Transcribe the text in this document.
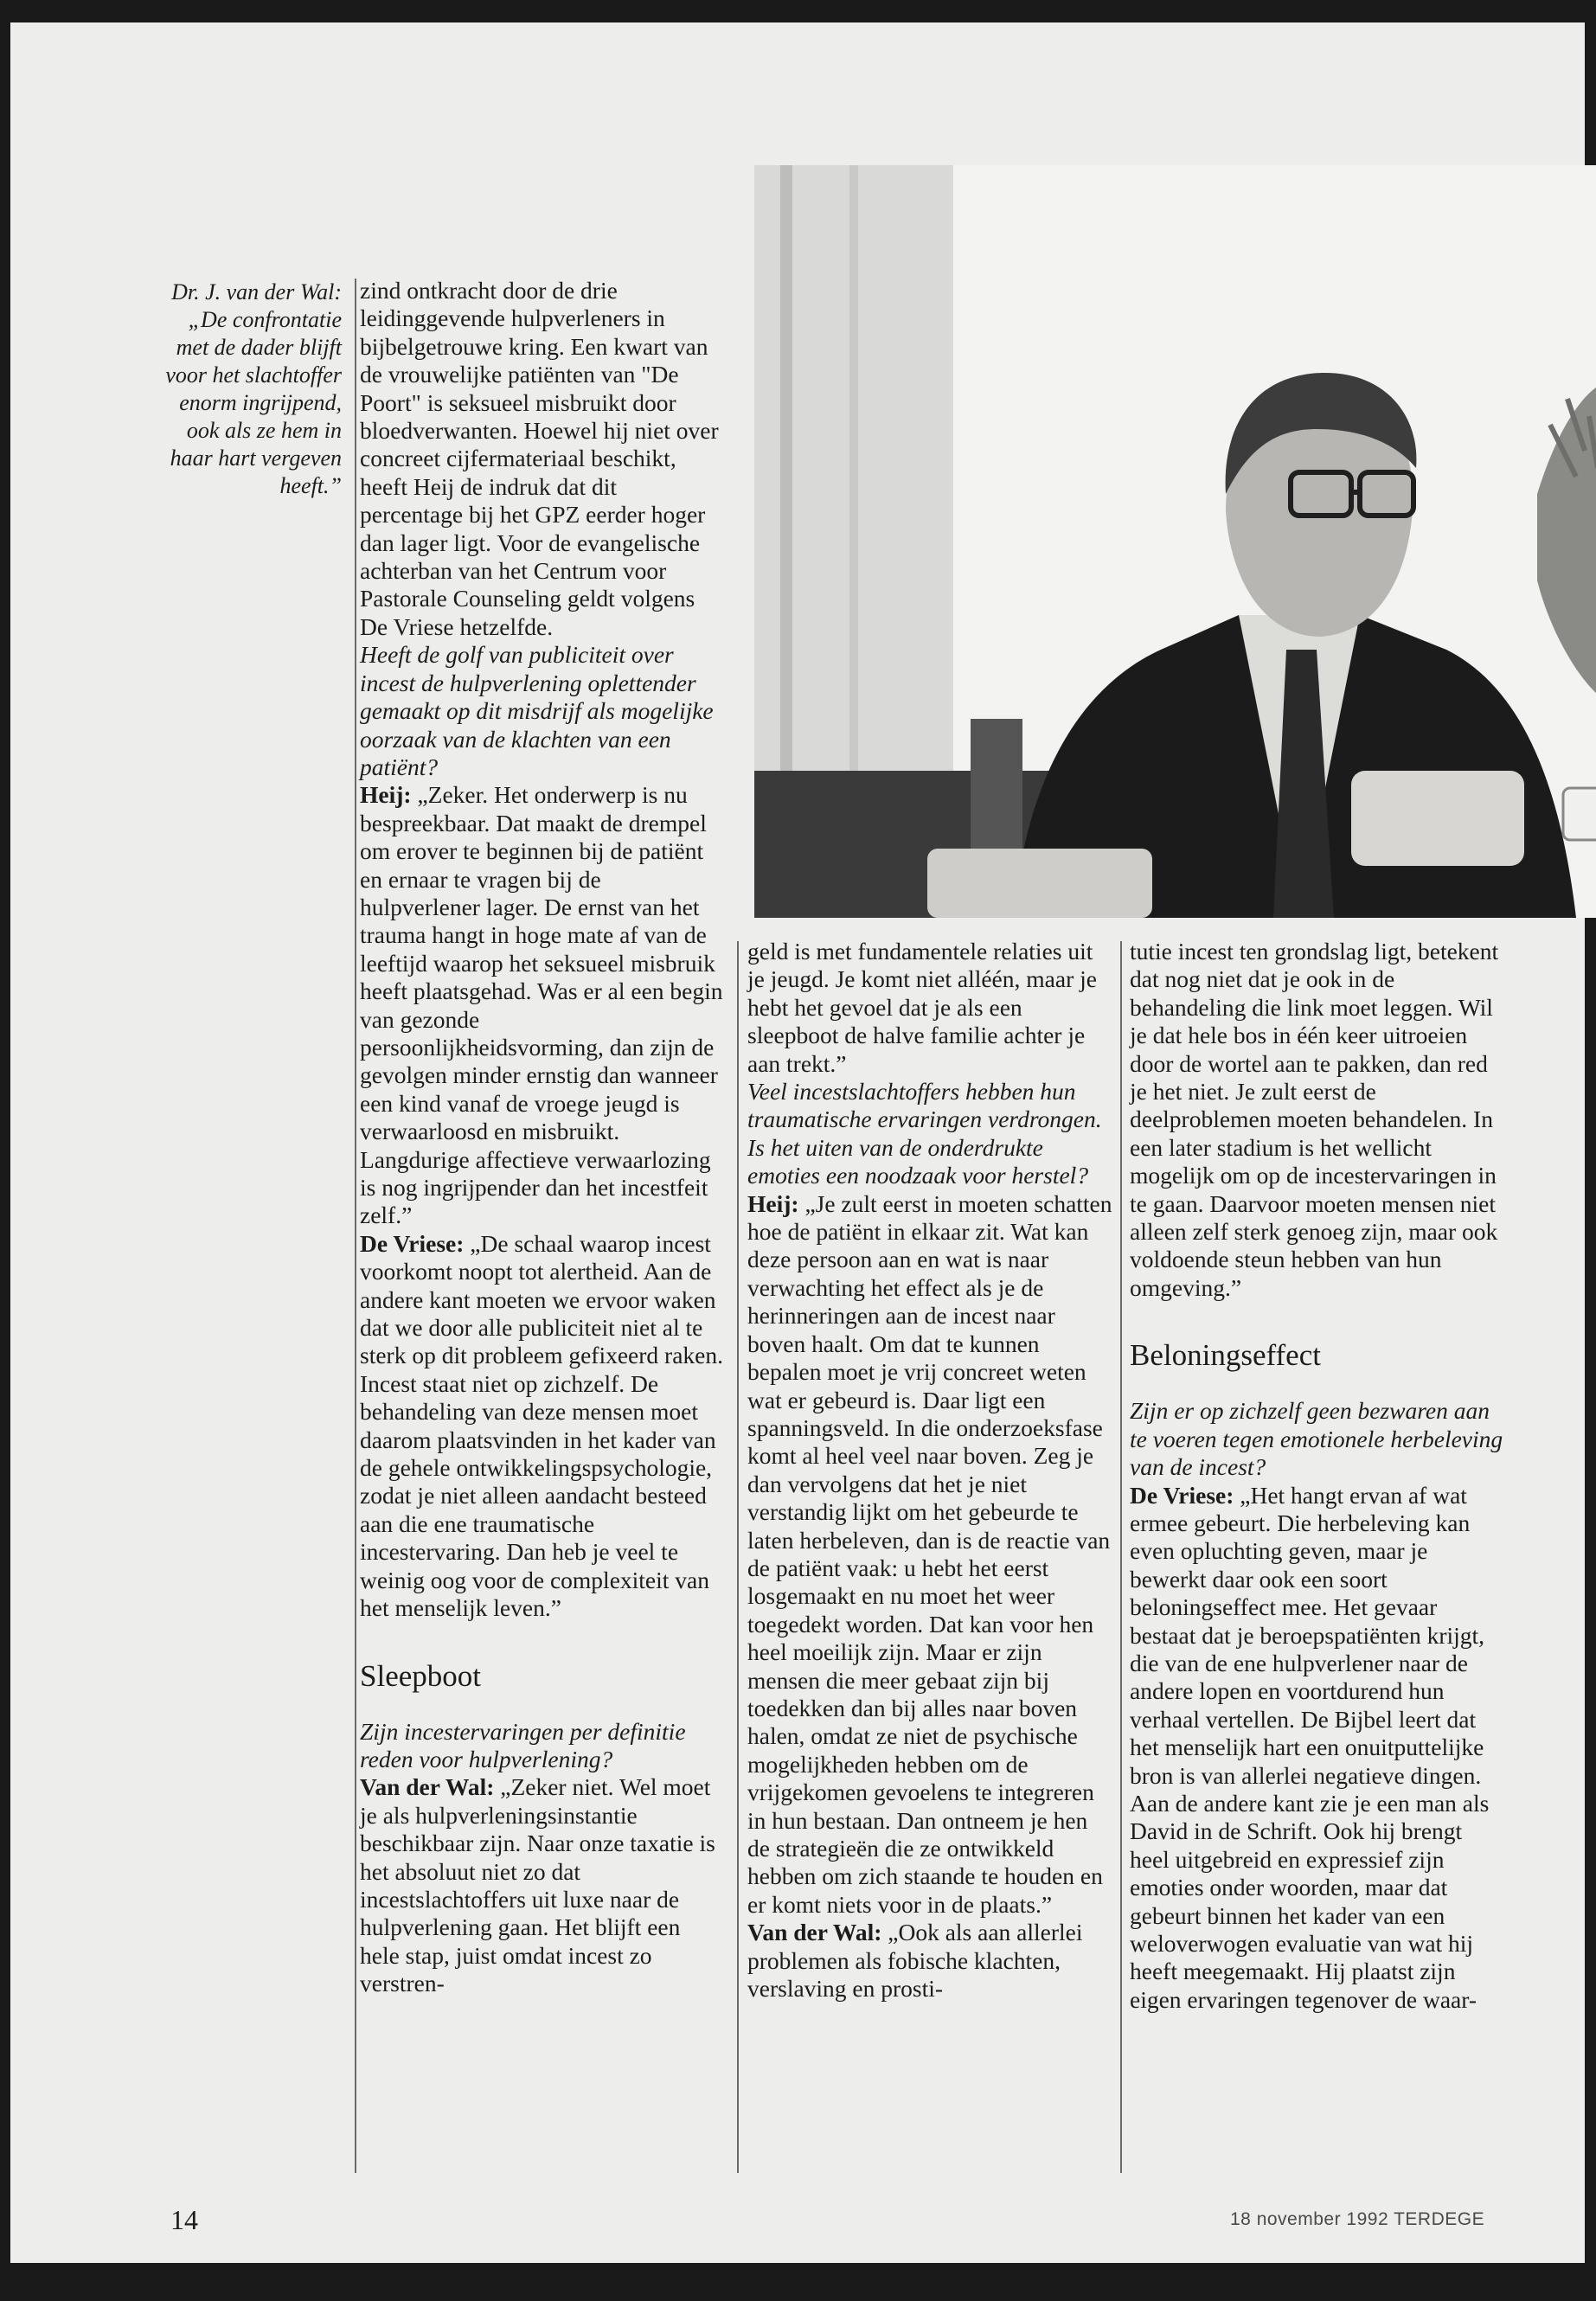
Dr. J. van der Wal: „De confrontatie met de dader blijft voor het slachtoffer enorm ingrijpend, ook als ze hem in haar hart vergeven heeft.”

zind ontkracht door de drie leidinggevende hulpverleners in bijbelgetrouwe kring. Een kwart van de vrouwelijke patiënten van "De Poort" is seksueel misbruikt door bloedverwanten. Hoewel hij niet over concreet cijfermateriaal beschikt, heeft Heij de indruk dat dit percentage bij het GPZ eerder hoger dan lager ligt. Voor de evangelische achterban van het Centrum voor Pastorale Counseling geldt volgens De Vriese hetzelfde.

Heeft de golf van publiciteit over incest de hulpverlening oplettender gemaakt op dit misdrijf als mogelijke oorzaak van de klachten van een patiënt?

Heij: „Zeker. Het onderwerp is nu bespreekbaar. Dat maakt de drempel om erover te beginnen bij de patiënt en ernaar te vragen bij de hulpverlener lager. De ernst van het trauma hangt in hoge mate af van de leeftijd waarop het seksueel misbruik heeft plaatsgehad. Was er al een begin van gezonde persoonlijkheidsvorming, dan zijn de gevolgen minder ernstig dan wanneer een kind vanaf de vroege jeugd is verwaarloosd en misbruikt. Langdurige affectieve verwaarlozing is nog ingrijpender dan het incestfeit zelf.”

De Vriese: „De schaal waarop incest voorkomt noopt tot alertheid. Aan de andere kant moeten we ervoor waken dat we door alle publiciteit niet al te sterk op dit probleem gefixeerd raken. Incest staat niet op zichzelf. De behandeling van deze mensen moet daarom plaatsvinden in het kader van de gehele ontwikkelingspsychologie, zodat je niet alleen aandacht besteed aan die ene traumatische incestervaring. Dan heb je veel te weinig oog voor de complexiteit van het menselijk leven.”

Sleepboot

Zijn incestervaringen per definitie reden voor hulpverlening?

Van der Wal: „Zeker niet. Wel moet je als hulpverleningsinstantie beschikbaar zijn. Naar onze taxatie is het absoluut niet zo dat incestslachtoffers uit luxe naar de hulpverlening gaan. Het blijft een hele stap, juist omdat incest zo verstren-

geld is met fundamentele relaties uit je jeugd. Je komt niet alléén, maar je hebt het gevoel dat je als een sleepboot de halve familie achter je aan trekt.”

Veel incestslachtoffers hebben hun traumatische ervaringen verdrongen. Is het uiten van de onderdrukte emoties een noodzaak voor herstel?

Heij: „Je zult eerst in moeten schatten hoe de patiënt in elkaar zit. Wat kan deze persoon aan en wat is naar verwachting het effect als je de herinneringen aan de incest naar boven haalt. Om dat te kunnen bepalen moet je vrij concreet weten wat er gebeurd is. Daar ligt een spanningsveld. In die onderzoeksfase komt al heel veel naar boven. Zeg je dan vervolgens dat het je niet verstandig lijkt om het gebeurde te laten herbeleven, dan is de reactie van de patiënt vaak: u hebt het eerst losgemaakt en nu moet het weer toegedekt worden. Dat kan voor hen heel moeilijk zijn. Maar er zijn mensen die meer gebaat zijn bij toedekken dan bij alles naar boven halen, omdat ze niet de psychische mogelijkheden hebben om de vrijgekomen gevoelens te integreren in hun bestaan. Dan ontneem je hen de strategieën die ze ontwikkeld hebben om zich staande te houden en er komt niets voor in de plaats.”

Van der Wal: „Ook als aan allerlei problemen als fobische klachten, verslaving en prosti-

tutie incest ten grondslag ligt, betekent dat nog niet dat je ook in de behandeling die link moet leggen. Wil je dat hele bos in één keer uitroeien door de wortel aan te pakken, dan red je het niet. Je zult eerst de deelproblemen moeten behandelen. In een later stadium is het wellicht mogelijk om op de incestervaringen in te gaan. Daarvoor moeten mensen niet alleen zelf sterk genoeg zijn, maar ook voldoende steun hebben van hun omgeving.”

Beloningseffect

Zijn er op zichzelf geen bezwaren aan te voeren tegen emotionele herbeleving van de incest?

De Vriese: „Het hangt ervan af wat ermee gebeurt. Die herbeleving kan even opluchting geven, maar je bewerkt daar ook een soort beloningseffect mee. Het gevaar bestaat dat je beroepspatiënten krijgt, die van de ene hulpverlener naar de andere lopen en voortdurend hun verhaal vertellen. De Bijbel leert dat het menselijk hart een onuitputtelijke bron is van allerlei negatieve dingen. Aan de andere kant zie je een man als David in de Schrift. Ook hij brengt heel uitgebreid en expressief zijn emoties onder woorden, maar dat gebeurt binnen het kader van een weloverwogen evaluatie van wat hij heeft meegemaakt. Hij plaatst zijn eigen ervaringen tegenover de waar-

14	18 november 1992 TERDEGE
